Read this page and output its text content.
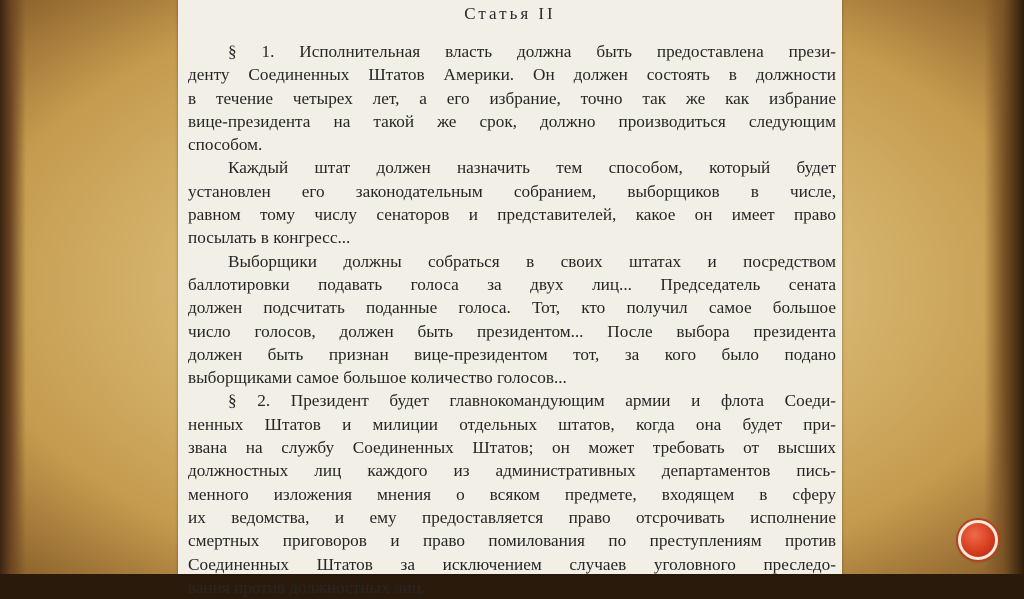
Статья II
§ 1. Исполнительная власть должна быть предоставлена прези-
денту Соединенных Штатов Америки. Он должен состоять в должности
в течение четырех лет, а его избрание, точно так же как избрание
вице-президента на такой же срок, должно производиться следующим
способом.
Каждый штат должен назначить тем способом, который будет
установлен его законодательным собранием, выборщиков в числе,
равном тому числу сенаторов и представителей, какое он имеет право
посылать в конгресс...
Выборщики должны собраться в своих штатах и посредством
баллотировки подавать голоса за двух лиц... Председатель сената
должен подсчитать поданные голоса. Тот, кто получил самое большое
число голосов, должен быть президентом... После выбора президента
должен быть признан вице-президентом тот, за кого было подано
выборщиками самое большое количество голосов...
§ 2. Президент будет главнокомандующим армии и флота Соеди-
ненных Штатов и милиции отдельных штатов, когда она будет при-
звана на службу Соединенных Штатов; он может требовать от высших
должностных лиц каждого из административных департаментов пись-
менного изложения мнения о всяком предмете, входящем в сферу
их ведомства, и ему предоставляется право отсрочивать исполнение
смертных приговоров и право помилования по преступлениям против
Соединенных Штатов за исключением случаев уголовного преследо-
вания против должностных лиц.
